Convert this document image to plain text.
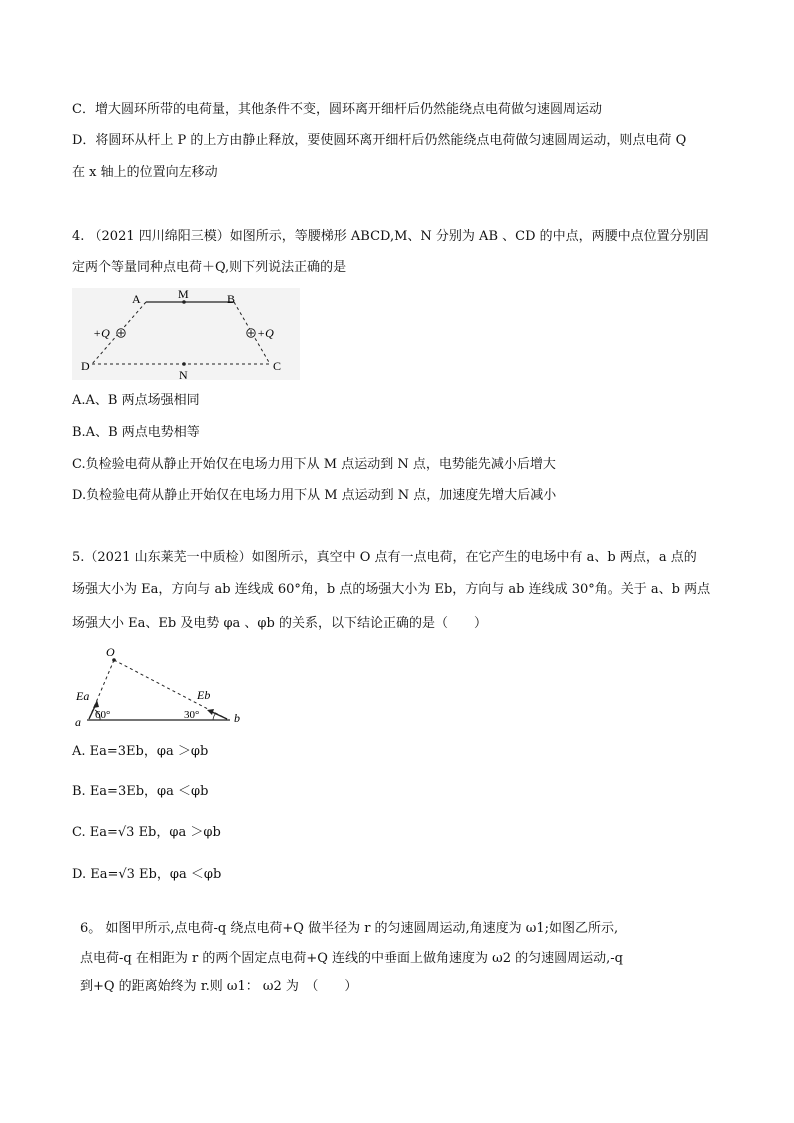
C．增大圆环所带的电荷量，其他条件不变，圆环离开细杆后仍然能绕点电荷做匀速圆周运动
D．将圆环从杆上 P 的上方由静止释放，要使圆环离开细杆后仍然能绕点电荷做匀速圆周运动，则点电荷 Q
在 x 轴上的位置向左移动
4. （2021 四川绵阳三模）如图所示，等腰梯形 ABCD,M、N 分别为 AB 、CD 的中点，两腰中点位置分别固
定两个等量同种点电荷＋Q,则下列说法正确的是
A	M	B
D
N
C
+Q	+Q
A.A、B 两点场强相同
B.A、B 两点电势相等
C.负检验电荷从静止开始仅在电场力用下从 M 点运动到 N 点，电势能先减小后增大
D.负检验电荷从静止开始仅在电场力用下从 M 点运动到 N 点，加速度先增大后减小
5.（2021 山东莱芜一中质检）如图所示，真空中 O 点有一点电荷，在它产生的电场中有 a、b 两点，a 点的
场强大小为 Ea，方向与 ab 连线成 60°角，b 点的场强大小为 Eb，方向与 ab 连线成 30°角。关于 a、b 两点
场强大小 Ea、Eb 及电势 φa 、φb 的关系，以下结论正确的是（　　）
O
Ea	Eb
a	b
60°	30°
A. Ea=3Eb，φa ＞φb
B. Ea=3Eb，φa ＜φb
C. Ea=√3 Eb，φa ＞φb
D. Ea=√3 Eb，φa ＜φb
6。 如图甲所示,点电荷-q 绕点电荷+Q 做半径为 r 的匀速圆周运动,角速度为 ω1;如图乙所示,
点电荷-q 在相距为 r 的两个固定点电荷+Q 连线的中垂面上做角速度为 ω2 的匀速圆周运动,-q
到+Q 的距离始终为 r.则 ω1： ω2 为　（　　）
